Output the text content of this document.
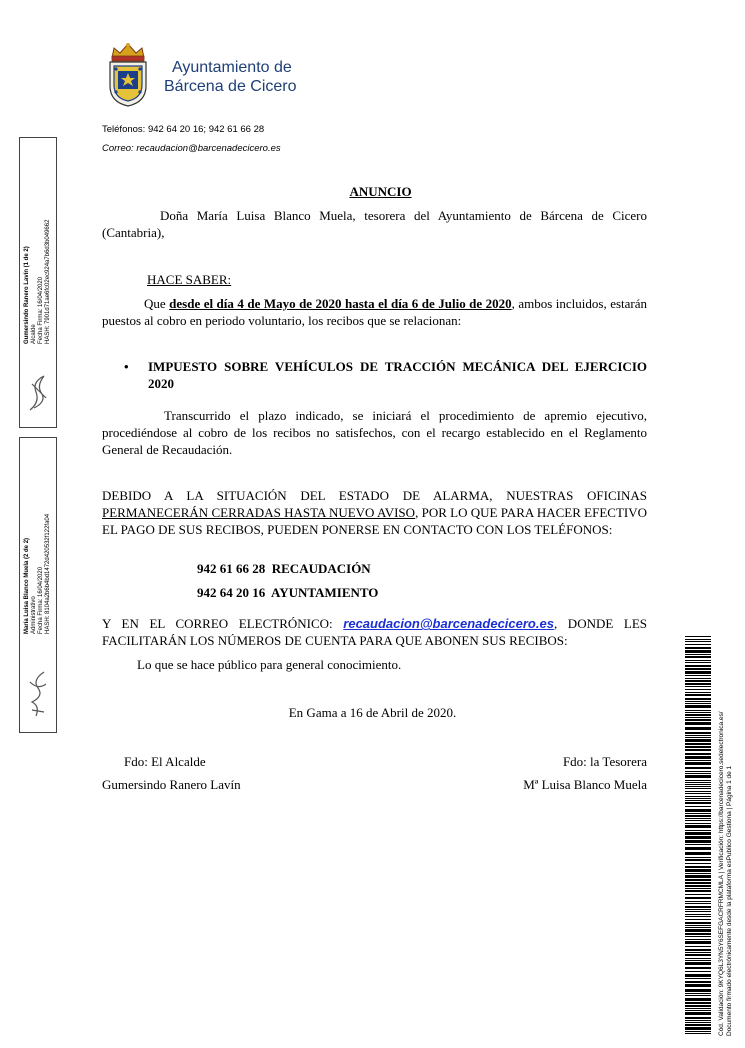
Ayuntamiento de
Bárcena de Cicero
Teléfonos: 942 64 20 16; 942 61 66 28
Correo: recaudacion@barcenadecicero.es
Gumersindo Ranero Lavín (1 de 2) Alcalde Fecha Firma: 16/04/2020 HASH: 7901d71ae6fc02ec924a7b6d3b049662
María Luisa Blanco Muela (2 de 2) Administrativo Fecha Firma: 16/04/2020 HASH: 8104a2b6b4bd1472d420532f122fa04
ANUNCIO
Doña María Luisa Blanco Muela, tesorera del Ayuntamiento de Bárcena de Cicero (Cantabria),
HACE SABER:
Que desde el día 4 de Mayo de 2020 hasta el día 6 de Julio de 2020, ambos incluidos, estarán puestos al cobro en periodo voluntario, los recibos que se relacionan:
• IMPUESTO SOBRE VEHÍCULOS DE TRACCIÓN MECÁNICA DEL EJERCICIO 2020
Transcurrido el plazo indicado, se iniciará el procedimiento de apremio ejecutivo, procediéndose al cobro de los recibos no satisfechos, con el recargo establecido en el Reglamento General de Recaudación.
DEBIDO A LA SITUACIÓN DEL ESTADO DE ALARMA, NUESTRAS OFICINAS PERMANECERÁN CERRADAS HASTA NUEVO AVISO, POR LO QUE PARA HACER EFECTIVO EL PAGO DE SUS RECIBOS, PUEDEN PONERSE EN CONTACTO CON LOS TELÉFONOS:
942 61 66 28  RECAUDACIÓN
942 64 20 16  AYUNTAMIENTO
Y EN EL CORREO ELECTRÓNICO: recaudacion@barcenadecicero.es, DONDE LES FACILITARÁN LOS NÚMEROS DE CUENTA PARA QUE ABONEN SUS RECIBOS:
Lo que se hace público para general conocimiento.
En Gama a 16 de Abril de 2020.
Fdo: El Alcalde
Gumersindo Ranero Lavín
Fdo: la Tesorera
Mª Luisa Blanco Muela	Cód. Validación: 9KYQ6L3YN5Y6SEFGACRFRMCMLA | Verificación: https://barcenadecicero.sedelectronica.es/ Documento firmado electrónicamente desde la plataforma esPublico Gestiona | Página 1 de 1
